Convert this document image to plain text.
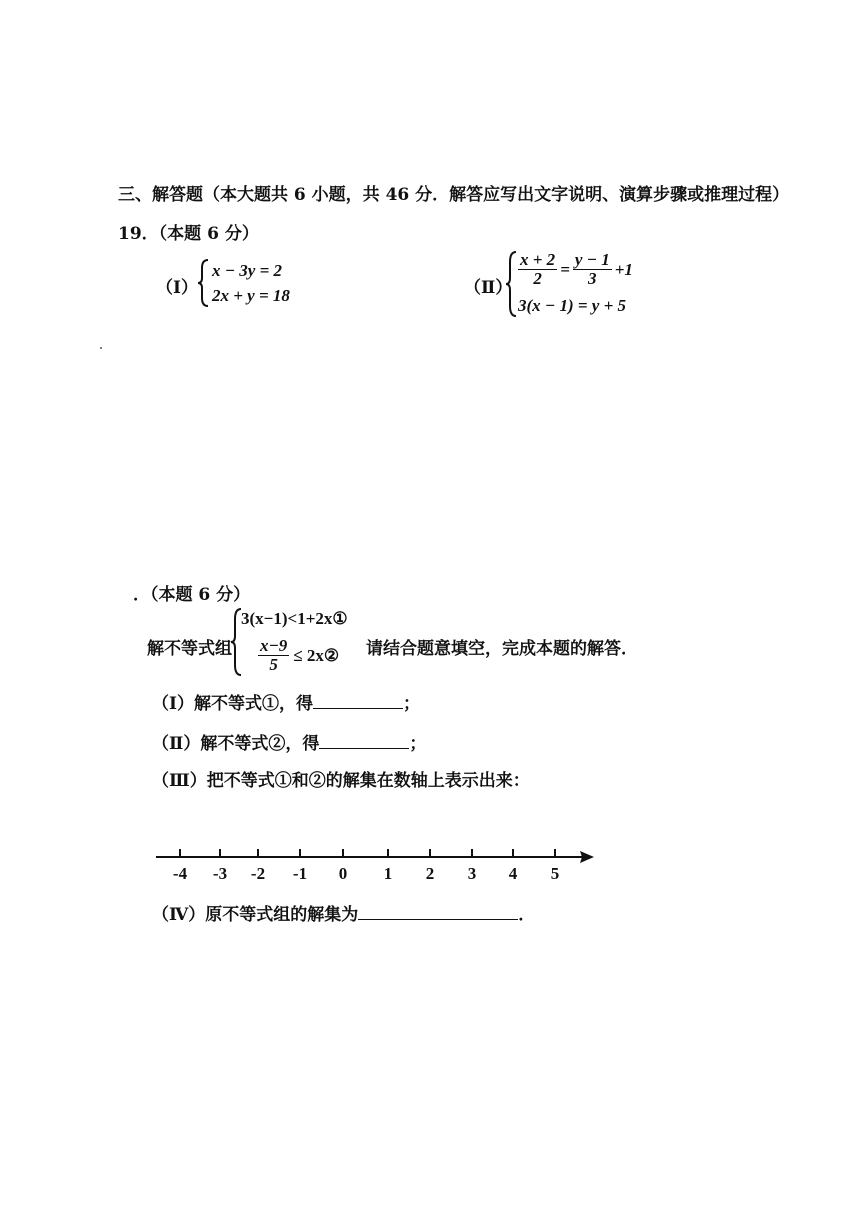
三、解答题（本大题共 6 小题，共 46 分．解答应写出文字说明、演算步骤或推理过程）
19．（本题 6 分）
（Ⅰ）
x − 3y = 2
2x + y = 18	（Ⅱ） $\frac{x + 2}{2} = \frac{y - 1}{3} +1$
3(x − 1) = y + 5
．（本题 6 分）
解不等式组
3(x−1)<1+2x①
$\frac{x-9}{5}$ ≤ 2x② 请结合题意填空，完成本题的解答．
（Ⅰ）解不等式①，得	；
（Ⅱ）解不等式②，得	；
（Ⅲ）把不等式①和②的解集在数轴上表示出来：
-4 -3 -2 -1 0 1 2 3 4 5
（Ⅳ）原不等式组的解集为	．
